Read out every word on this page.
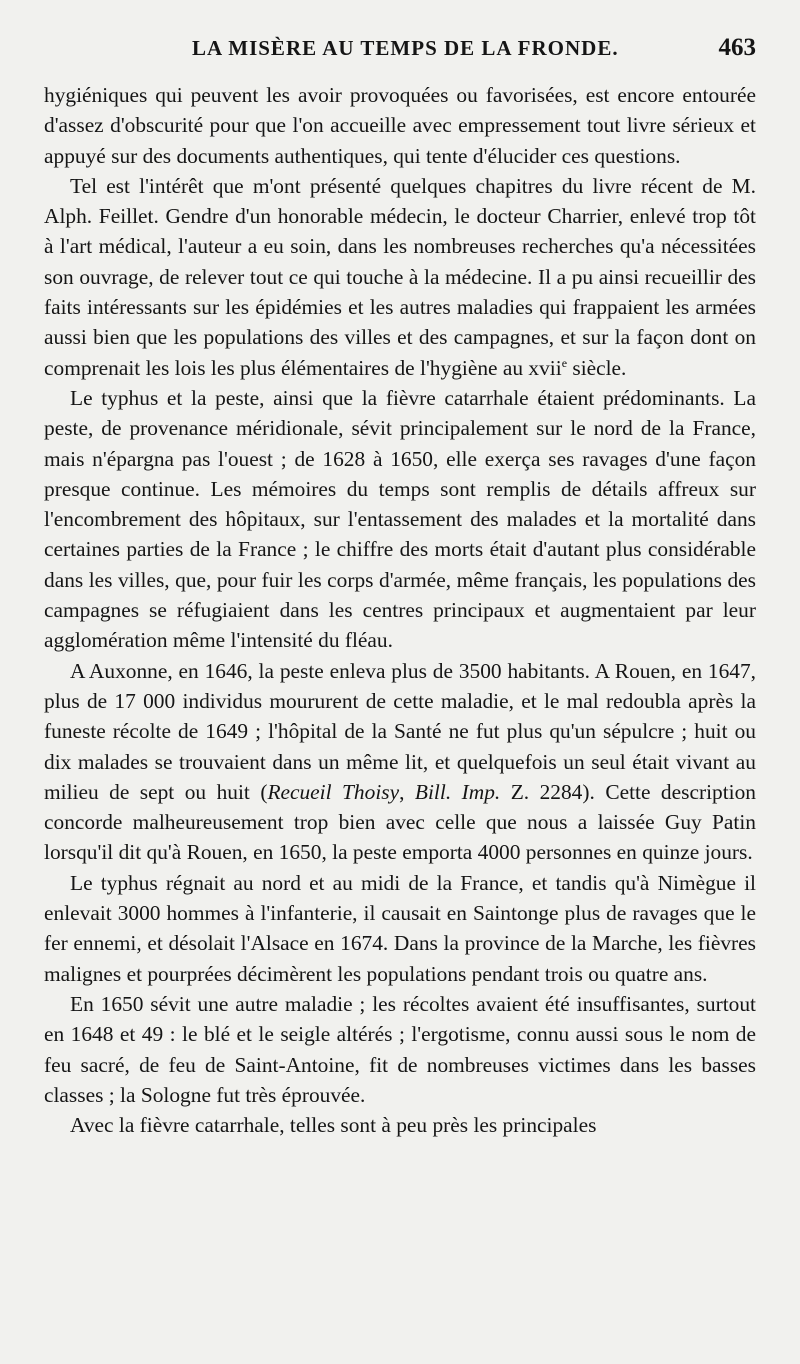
LA MISÈRE AU TEMPS DE LA FRONDE.	463

hygiéniques qui peuvent les avoir provoquées ou favorisées, est encore entourée d'assez d'obscurité pour que l'on accueille avec empressement tout livre sérieux et appuyé sur des documents authentiques, qui tente d'élucider ces questions.

Tel est l'intérêt que m'ont présenté quelques chapitres du livre récent de M. Alph. Feillet. Gendre d'un honorable médecin, le docteur Charrier, enlevé trop tôt à l'art médical, l'auteur a eu soin, dans les nombreuses recherches qu'a nécessitées son ouvrage, de relever tout ce qui touche à la médecine. Il a pu ainsi recueillir des faits intéressants sur les épidémies et les autres maladies qui frappaient les armées aussi bien que les populations des villes et des campagnes, et sur la façon dont on comprenait les lois les plus élémentaires de l'hygiène au xvii$^e$ siècle.

Le typhus et la peste, ainsi que la fièvre catarrhale étaient prédominants. La peste, de provenance méridionale, sévit principalement sur le nord de la France, mais n'épargna pas l'ouest ; de 1628 à 1650, elle exerça ses ravages d'une façon presque continue. Les mémoires du temps sont remplis de détails affreux sur l'encombrement des hôpitaux, sur l'entassement des malades et la mortalité dans certaines parties de la France ; le chiffre des morts était d'autant plus considérable dans les villes, que, pour fuir les corps d'armée, même français, les populations des campagnes se réfugiaient dans les centres principaux et augmentaient par leur agglomération même l'intensité du fléau.

A Auxonne, en 1646, la peste enleva plus de 3500 habitants. A Rouen, en 1647, plus de 17 000 individus moururent de cette maladie, et le mal redoubla après la funeste récolte de 1649 ; l'hôpital de la Santé ne fut plus qu'un sépulcre ; huit ou dix malades se trouvaient dans un même lit, et quelquefois un seul était vivant au milieu de sept ou huit (Recueil Thoisy, Bill. Imp. Z. 2284). Cette description concorde malheureusement trop bien avec celle que nous a laissée Guy Patin lorsqu'il dit qu'à Rouen, en 1650, la peste emporta 4000 personnes en quinze jours.

Le typhus régnait au nord et au midi de la France, et tandis qu'à Nimègue il enlevait 3000 hommes à l'infanterie, il causait en Saintonge plus de ravages que le fer ennemi, et désolait l'Alsace en 1674. Dans la province de la Marche, les fièvres malignes et pourprées décimèrent les populations pendant trois ou quatre ans.

En 1650 sévit une autre maladie ; les récoltes avaient été insuffisantes, surtout en 1648 et 49 : le blé et le seigle altérés ; l'ergotisme, connu aussi sous le nom de feu sacré, de feu de Saint-Antoine, fit de nombreuses victimes dans les basses classes ; la Sologne fut très éprouvée.

Avec la fièvre catarrhale, telles sont à peu près les principales
